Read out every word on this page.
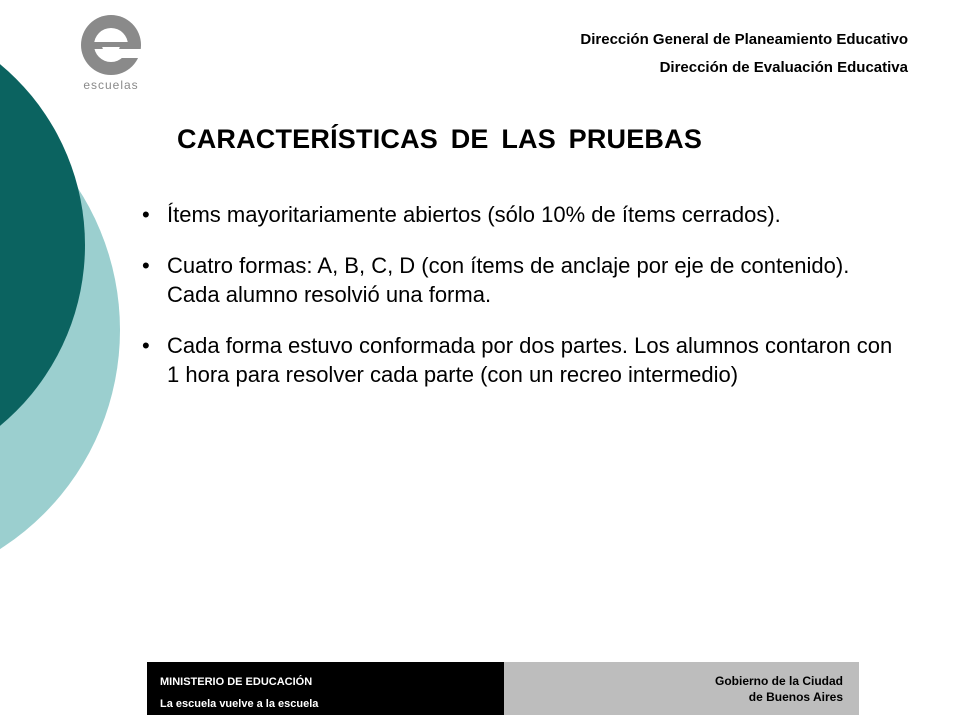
escuelas
Dirección General de Planeamiento Educativo
Dirección de Evaluación Educativa
CARACTERÍSTICAS DE LAS PRUEBAS
• Ítems mayoritariamente abiertos (sólo 10% de ítems cerrados).
• Cuatro formas: A, B, C, D (con ítems de anclaje por eje de contenido). Cada alumno resolvió una forma.
• Cada forma estuvo conformada por dos partes. Los alumnos contaron con 1 hora para resolver cada parte (con un recreo intermedio)
MINISTERIO DE EDUCACIÓN
La escuela vuelve a la escuela
Gobierno de la Ciudad
de Buenos Aires
